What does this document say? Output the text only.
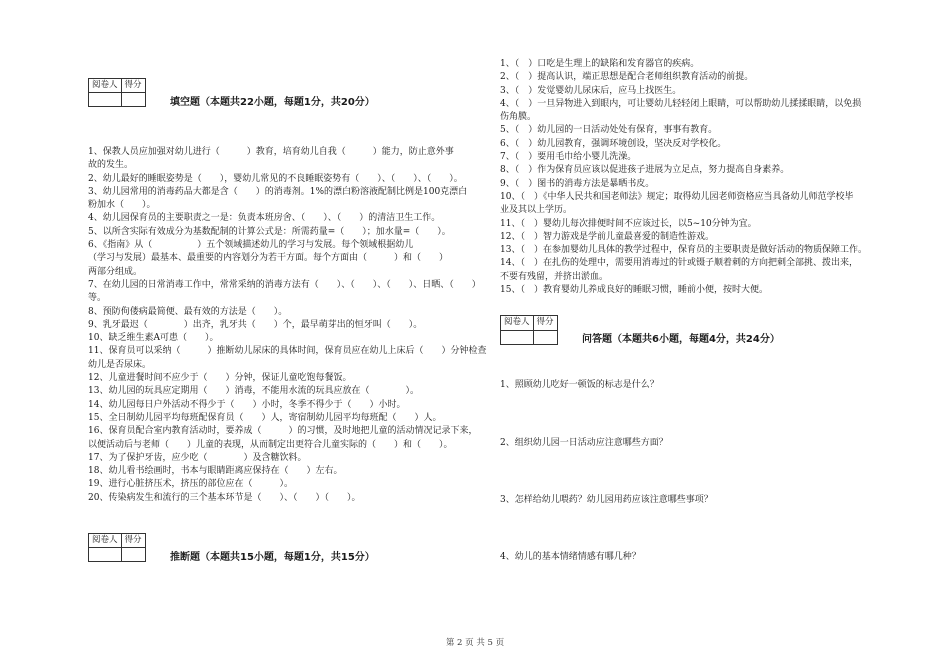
阅卷人	得分

填空题（本题共22小题，每题1分，共20分）
1、保教人员应加强对幼儿进行（　　　）教育，培育幼儿自我（　　　）能力，防止意外事
故的发生。
2、幼儿最好的睡眠姿势是（　　），婴幼儿常见的不良睡眠姿势有（　　）、（　　）、（　　）。
3、幼儿园常用的消毒药品大都是含（　　）的消毒剂。1%的漂白粉溶液配制比例是100克漂白
粉加水（　　）。
4、幼儿园保育员的主要职责之一是：负责本班房舍、（　　）、（　　）的清洁卫生工作。
5、以所含实际有效成分为基数配制的计算公式是：所需药量=（　　）；加水量=（　　）。
6、《指南》从（　　　　　）五个领域描述幼儿的学习与发展。每个领域根据幼儿
（学习与发展）最基本、最重要的内容划分为若干方面。每个方面由（　　　）和（　　）
两部分组成。
7、在幼儿园的日常消毒工作中，常常采纳的消毒方法有（　　）、（　　）、（　　）、日晒、（　　）
等。
8、预防佝偻病最简便、最有效的方法是（　　）。
9、乳牙最迟（　　　　）出齐，乳牙共（　　）个，最早萌芽出的恒牙叫（　　）。
10、缺乏维生素A可患（　　）。
11、保育员可以采纳（　　　）推断幼儿尿床的具体时间，保育员应在幼儿上床后（　　）分钟检查
幼儿是否尿床。
12、儿童进餐时间不应少于（　　）分钟，保证儿童吃饱每餐饭。
13、幼儿园的玩具应定期用（　　）消毒，不能用水流的玩具应放在（　　　　）。
14、幼儿园每日户外活动不得少于（　　）小时，冬季不得少于（　　）小时。
15、全日制幼儿园平均每班配保育员（　　）人，寄宿制幼儿园平均每班配（　　）人。
16、保育员配合室内教育活动时，要养成（　　　）的习惯，及时地把儿童的活动情况记录下来，
以便活动后与老师（　　）儿童的表现，从而制定出更符合儿童实际的（　　）和（　　）。
17、为了保护牙齿，应少吃（　　　　）及含糖饮料。
18、幼儿看书绘画时，书本与眼睛距离应保持在（　　）左右。
19、进行心脏挤压术，挤压的部位应在（　　　）。
20、传染病发生和流行的三个基本环节是（　　）、（　　）（　　）。
阅卷人	得分

推断题（本题共15小题，每题1分，共15分）
1、（　）口吃是生理上的缺陷和发育器官的疾病。
2、（　）提高认识，端正思想是配合老师组织教育活动的前提。
3、（　）发觉婴幼儿尿床后，应马上找医生。
4、（　）一旦异物进入到眼内，可让婴幼儿轻轻闭上眼睛，可以帮助幼儿揉揉眼睛，以免损
伤角膜。
5、（　）幼儿园的一日活动处处有保育，事事有教育。
6、（　）幼儿园教育，强调环境创设，坚决反对学校化。
7、（　）要用毛巾给小婴儿洗澡。
8、（　）作为保育员应该以促进孩子进展为立足点，努力提高自身素养。
9、（　）图书的消毒方法是暴晒书皮。
10、（　）《中华人民共和国老师法》规定；取得幼儿园老师资格应当具备幼儿师范学校毕
业及其以上学历。
11、（　）婴幼儿每次排便时间不应该过长，以5~10分钟为宜。
12、（　）智力游戏是学前儿童最喜爱的制造性游戏。
13、（　）在参加婴幼儿具体的教学过程中，保育员的主要职责是做好活动的物质保障工作。
14、（　）在扎伤的处理中，需要用消毒过的针或镊子顺着刺的方向把刺全部挑、拨出来，
不要有残留，并挤出淤血。
15、（　）教育婴幼儿养成良好的睡眠习惯，睡前小便，按时大便。
阅卷人	得分

问答题（本题共6小题，每题4分，共24分）
1、照顾幼儿吃好一顿饭的标志是什么？
2、组织幼儿园一日活动应注意哪些方面？
3、怎样给幼儿喂药？幼儿园用药应该注意哪些事项？
4、幼儿的基本情绪情感有哪几种？
第 2 页 共 5 页
